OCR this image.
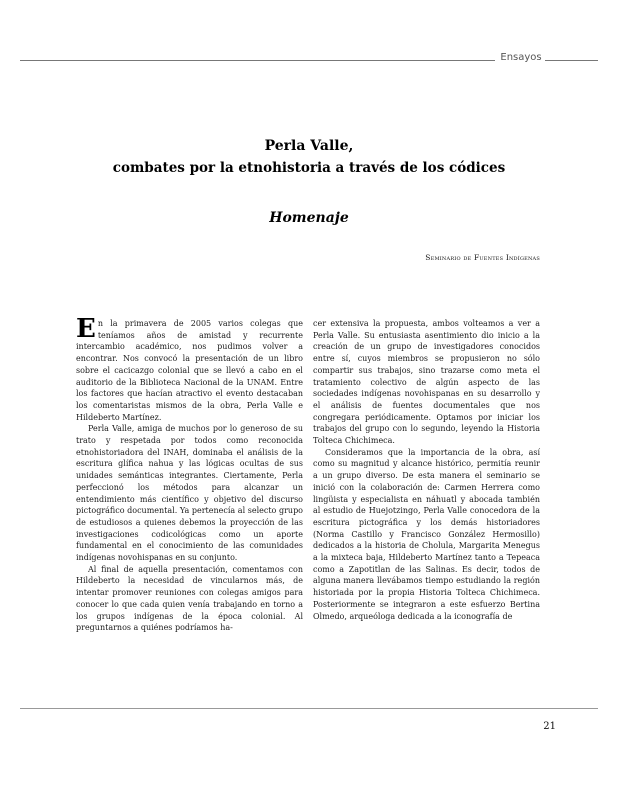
Ensayos
Perla Valle,
combates por la etnohistoria a través de los códices
Homenaje
Seminario de Fuentes Indígenas

En la primavera de 2005 varios colegas que teníamos años de amistad y recurrente intercambio académico, nos pudimos volver a encontrar. Nos convocó la presentación de un libro sobre el cacicazgo colonial que se llevó a cabo en el auditorio de la Biblioteca Nacional de la UNAM. Entre los factores que hacían atractivo el evento destacaban los comentaristas mismos de la obra, Perla Valle e Hildeberto Martínez.

Perla Valle, amiga de muchos por lo generoso de su trato y respetada por todos como reconocida etnohistoriadora del INAH, dominaba el análisis de la escritura glífica nahua y las lógicas ocultas de sus unidades semánticas integrantes. Ciertamente, Perla perfeccionó los métodos para alcanzar un entendimiento más científico y objetivo del discurso pictográfico documental. Ya pertenecía al selecto grupo de estudiosos a quienes debemos la proyección de las investigaciones codicológicas como un aporte fundamental en el conocimiento de las comunidades indígenas novohispanas en su conjunto.

Al final de aquella presentación, comentamos con Hildeberto la necesidad de vincularnos más, de intentar promover reuniones con colegas amigos para conocer lo que cada quien venía trabajando en torno a los grupos indígenas de la época colonial. Al preguntarnos a quiénes podríamos ha-

cer extensiva la propuesta, ambos volteamos a ver a Perla Valle. Su entusiasta asentimiento dio inicio a la creación de un grupo de investigadores conocidos entre sí, cuyos miembros se propusieron no sólo compartir sus trabajos, sino trazarse como meta el tratamiento colectivo de algún aspecto de las sociedades indígenas novohispanas en su desarrollo y el análisis de fuentes documentales que nos congregara periódicamente. Optamos por iniciar los trabajos del grupo con lo segundo, leyendo la Historia Tolteca Chichimeca.

Consideramos que la importancia de la obra, así como su magnitud y alcance histórico, permitía reunir a un grupo diverso. De esta manera el seminario se inició con la colaboración de: Carmen Herrera como lingüista y especialista en náhuatl y abocada también al estudio de Huejotzingo, Perla Valle conocedora de la escritura pictográfica y los demás historiadores (Norma Castillo y Francisco González Hermosillo) dedicados a la historia de Cholula, Margarita Menegus a la mixteca baja, Hildeberto Martínez tanto a Tepeaca como a Zapotitlan de las Salinas. Es decir, todos de alguna manera llevábamos tiempo estudiando la región historiada por la propia Historia Tolteca Chichimeca. Posteriormente se integraron a este esfuerzo Bertina Olmedo, arqueóloga dedicada a la iconografía de

21
